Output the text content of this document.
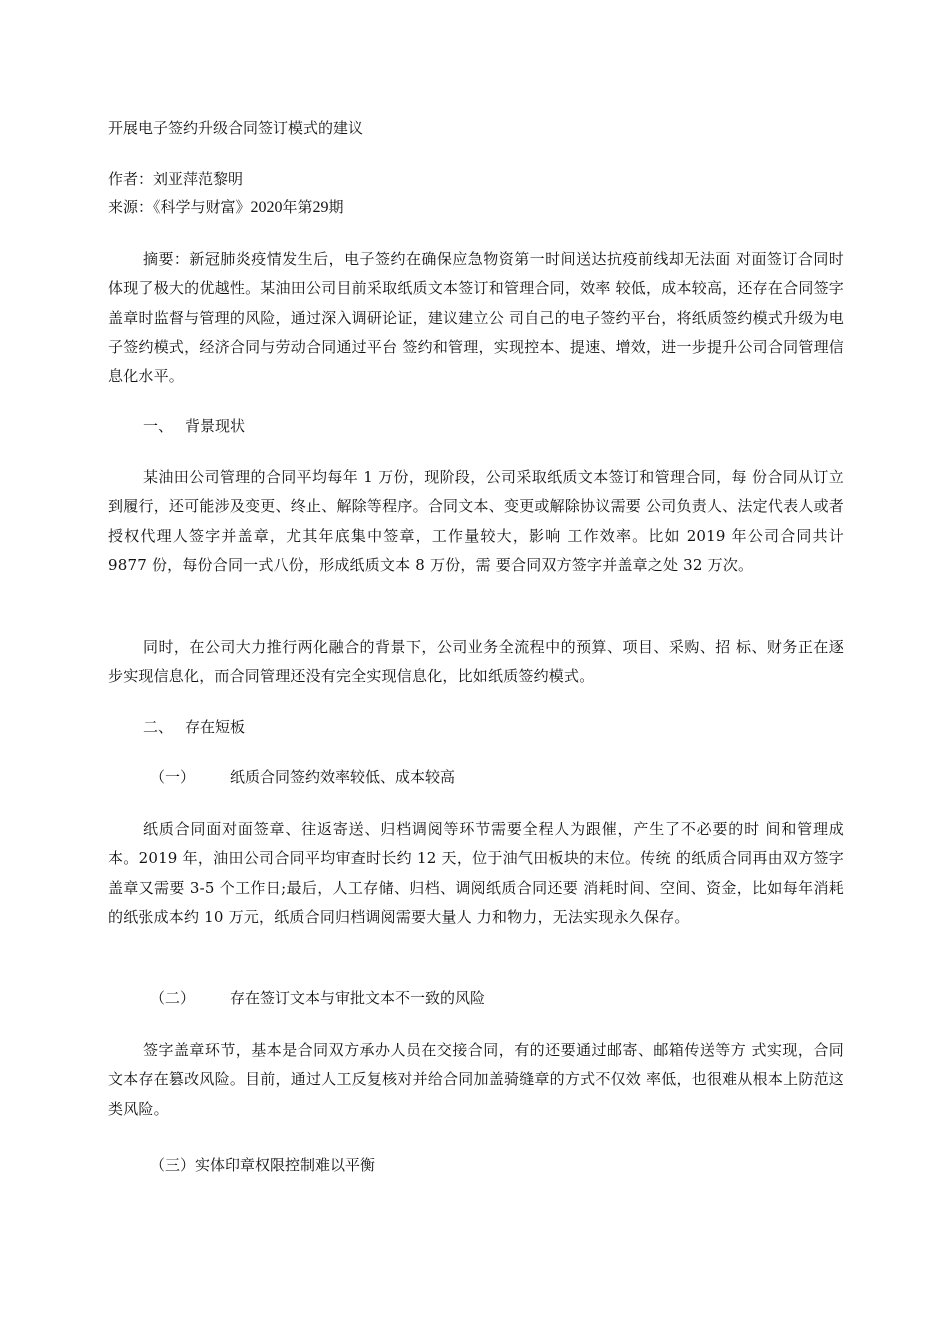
开展电子签约升级合同签订模式的建议

作者：刘亚萍范黎明

来源：《科学与财富》2020年第29期

摘要：新冠肺炎疫情发生后，电子签约在确保应急物资第一时间送达抗疫前线却无法面 对面签订合同时体现了极大的优越性。某油田公司目前采取纸质文本签订和管理合同，效率 较低，成本较高，还存在合同签字盖章时监督与管理的风险，通过深入调研论证，建议建立公 司自己的电子签约平台，将纸质签约模式升级为电子签约模式，经济合同与劳动合同通过平台 签约和管理，实现控本、提速、增效，进一步提升公司合同管理信息化水平。

一、 背景现状

某油田公司管理的合同平均每年 1 万份，现阶段，公司采取纸质文本签订和管理合同，每 份合同从订立到履行，还可能涉及变更、终止、解除等程序。合同文本、变更或解除协议需要 公司负责人、法定代表人或者授权代理人签字并盖章，尤其年底集中签章，工作量较大，影响 工作效率。比如 2019 年公司合同共计 9877 份，每份合同一式八份，形成纸质文本 8 万份，需 要合同双方签字并盖章之处 32 万次。

同时，在公司大力推行两化融合的背景下，公司业务全流程中的预算、项目、采购、招 标、财务正在逐步实现信息化，而合同管理还没有完全实现信息化，比如纸质签约模式。

二、 存在短板
（一） 纸质合同签约效率较低、成本较高

纸质合同面对面签章、往返寄送、归档调阅等环节需要全程人为跟催，产生了不必要的时 间和管理成本。2019 年，油田公司合同平均审查时长约 12 天，位于油气田板块的末位。传统 的纸质合同再由双方签字盖章又需要 3-5 个工作日;最后，人工存储、归档、调阅纸质合同还要 消耗时间、空间、资金，比如每年消耗的纸张成本约 10 万元，纸质合同归档调阅需要大量人 力和物力，无法实现永久保存。

（二） 存在签订文本与审批文本不一致的风险

签字盖章环节，基本是合同双方承办人员在交接合同，有的还要通过邮寄、邮箱传送等方 式实现，合同文本存在篡改风险。目前，通过人工反复核对并给合同加盖骑缝章的方式不仅效 率低，也很难从根本上防范这类风险。

（三）实体印章权限控制难以平衡
